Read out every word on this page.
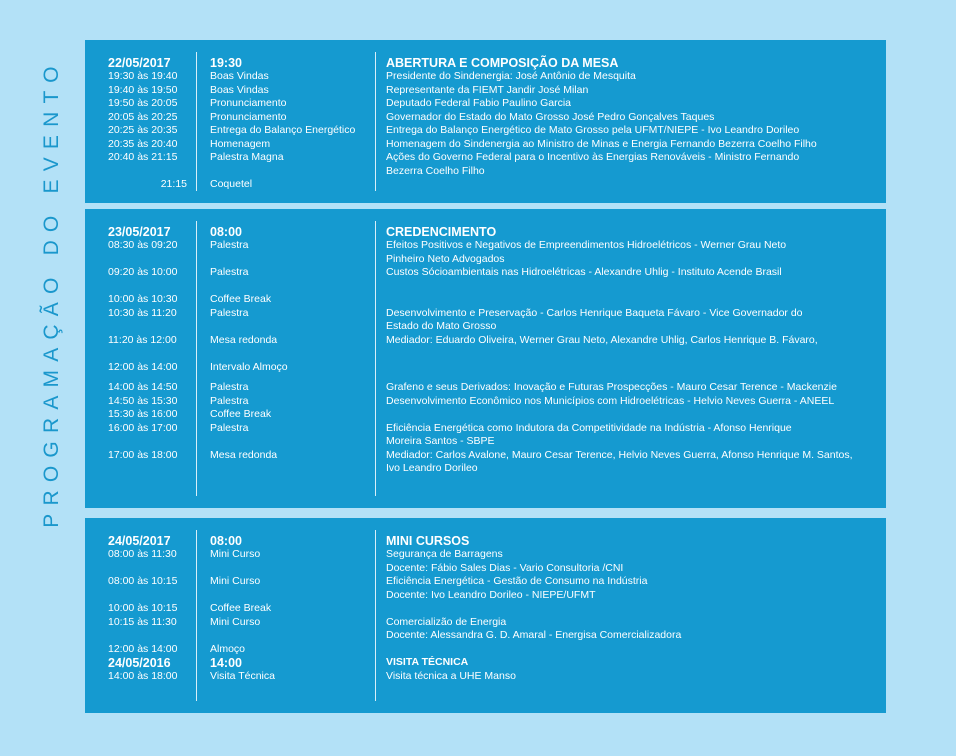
PROGRAMAÇÃO DO EVENTO	22/05/2017
19:30 às 19:40
19:40 às 19:50
19:50 às 20:05
20:05 às 20:25
20:25 às 20:35
20:35 às 20:40
20:40 às 21:15
21:15
19:30
Boas Vindas
Boas Vindas
Pronunciamento
Pronunciamento
Entrega do Balanço Energético
Homenagem
Palestra Magna
Coquetel
ABERTURA E COMPOSIÇÃO DA MESA
Presidente do Sindenergia: José Antônio de Mesquita
Representante da FIEMT Jandir José Milan
Deputado Federal Fabio Paulino Garcia
Governador do Estado do Mato Grosso José Pedro Gonçalves Taques
Entrega do Balanço Energético de Mato Grosso pela UFMT/NIEPE - Ivo Leandro Dorileo
Homenagem do Sindenergia ao Ministro de Minas e Energia Fernando Bezerra Coelho Filho
Ações do Governo Federal para o Incentivo às Energias Renováveis - Ministro Fernando
Bezerra Coelho Filho
23/05/2017
08:30 às 09:20
09:20 às 10:00
10:00 às 10:30
10:30 às 11:20
11:20 às 12:00
12:00 às 14:00
14:00 às 14:50
14:50 às 15:30
15:30 às 16:00
16:00 às 17:00
17:00 às 18:00
08:00
Palestra
Palestra
Coffee Break
Palestra
Mesa redonda
Intervalo Almoço
Palestra
Palestra
Coffee Break
Palestra
Mesa redonda
CREDENCIMENTO
Efeitos Positivos e Negativos de Empreendimentos Hidroelétricos - Werner Grau Neto
Pinheiro Neto Advogados
Custos Sócioambientais nas Hidroelétricas - Alexandre Uhlig - Instituto Acende Brasil
Desenvolvimento e Preservação - Carlos Henrique Baqueta Fávaro - Vice Governador do
Estado do Mato Grosso
Mediador: Eduardo Oliveira, Werner Grau Neto, Alexandre Uhlig, Carlos Henrique B. Fávaro,
Grafeno e seus Derivados: Inovação e Futuras Prospecções - Mauro Cesar Terence - Mackenzie
Desenvolvimento Econômico nos Municípios com Hidroelétricas - Helvio Neves Guerra - ANEEL
Eficiência Energética como Indutora da Competitividade na Indústria - Afonso Henrique
Moreira Santos - SBPE
Mediador: Carlos Avalone, Mauro Cesar Terence, Helvio Neves Guerra, Afonso Henrique M. Santos,
Ivo Leandro Dorileo
24/05/2017
08:00 às 11:30
08:00 às 10:15
10:00 às 10:15
10:15 às 11:30
12:00 às 14:00
24/05/2016
14:00 às 18:00
08:00
Mini Curso
Mini Curso
Coffee Break
Mini Curso
Almoço
14:00
Visita Técnica
MINI CURSOS
Segurança de Barragens
Docente: Fábio Sales Dias - Vario Consultoria /CNI
Eficiência Energética - Gestão de Consumo na Indústria
Docente: Ivo Leandro Dorileo - NIEPE/UFMT
Comercializão de Energia
Docente: Alessandra G. D. Amaral - Energisa Comercializadora
VISITA TÉCNICA
Visita técnica a UHE Manso
